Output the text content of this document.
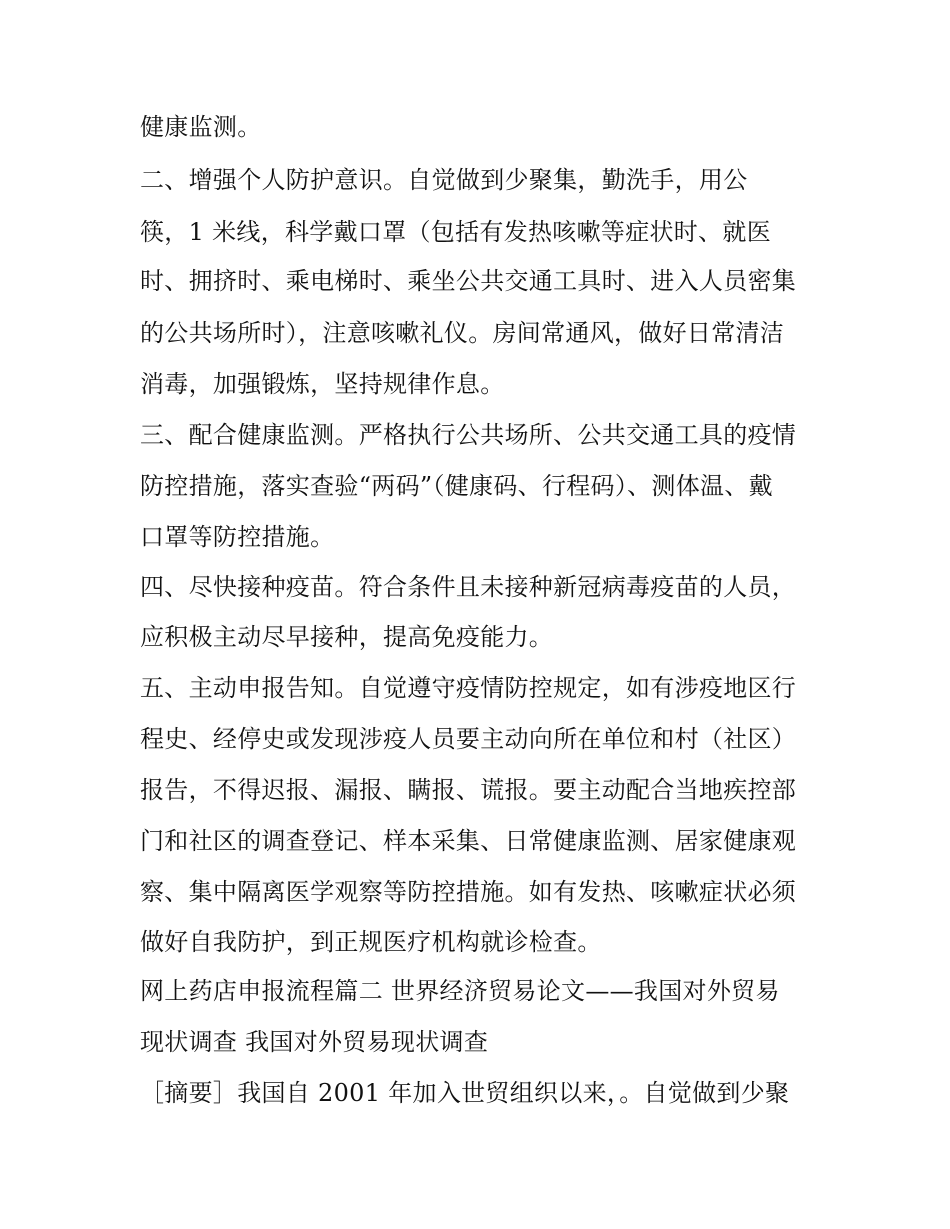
健康监测。
二、增强个人防护意识。自觉做到少聚集，勤洗手，用公
筷，1 米线，科学戴口罩（包括有发热咳嗽等症状时、就医
时、拥挤时、乘电梯时、乘坐公共交通工具时、进入人员密集
的公共场所时），注意咳嗽礼仪。房间常通风，做好日常清洁
消毒，加强锻炼，坚持规律作息。
三、配合健康监测。严格执行公共场所、公共交通工具的疫情
防控措施，落实查验“两码”（健康码、行程码）、测体温、戴
口罩等防控措施。
四、尽快接种疫苗。符合条件且未接种新冠病毒疫苗的人员，
应积极主动尽早接种，提高免疫能力。
五、主动申报告知。自觉遵守疫情防控规定，如有涉疫地区行
程史、经停史或发现涉疫人员要主动向所在单位和村（社区）
报告，不得迟报、漏报、瞒报、谎报。要主动配合当地疾控部
门和社区的调查登记、样本采集、日常健康监测、居家健康观
察、集中隔离医学观察等防控措施。如有发热、咳嗽症状必须
做好自我防护，到正规医疗机构就诊检查。
网上药店申报流程篇二 世界经济贸易论文——我国对外贸易
现状调查 我国对外贸易现状调查
［摘要］我国自 2001 年加入世贸组织以来，。自觉做到少聚
